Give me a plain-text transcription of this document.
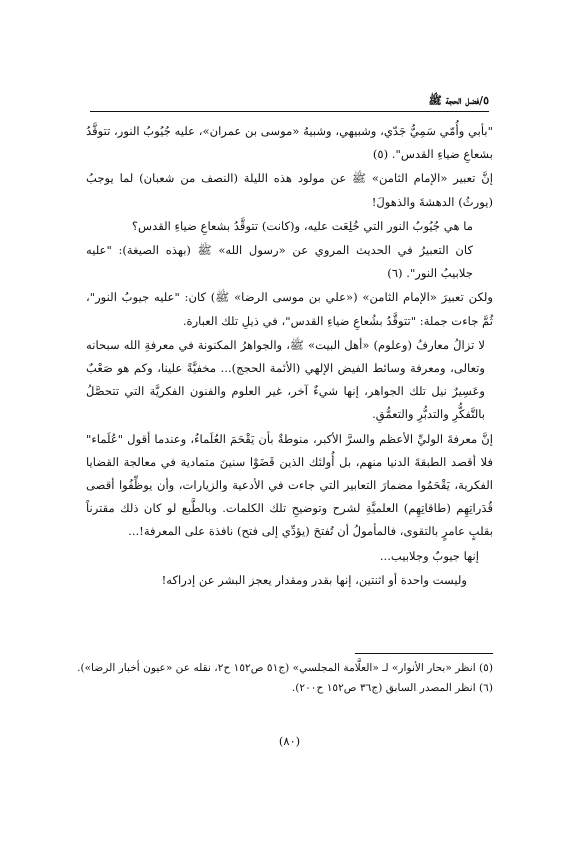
٥/فضل الحجة ﷺ

"بأبي وأُمّي سَمِيُّ جَدّي، وشبيهي، وشبيهُ «موسى بن عمران»، عليه جُيُوبُ النور، تتوقَّدُ بشعاعِ ضياءِ القدس". (٥)

إنَّ تعبير «الإمام الثامن» ﷺ عن مولود هذه الليلة (النصف من شعبان) لما يوجبُ (يورثُ) الدهشةَ والذهولَ!

ما هي جُيُوبُ النور التي خُلِعَت عليه، و(كانت) تتوقَّدُ بشعاعِ ضياءِ القدس؟

كان التعبيرُ في الحديث المروي عن «رسول الله» ﷺ (بهذه الصيغة): "عليه جلابيبُ النور". (٦)

ولكن تعبيرَ «الإمام الثامن» («علي بن موسى الرضا» ﷺ) كان: "عليه جيوبُ النور"، ثُمَّ جاءت جملة: "تتوقَّدُ بشُعاعِ ضياءِ القدس"، في ذيلِ تلك العبارة.

لا تزالُ معارفُ (وعلوم) «أهل البيت» ﷺ، والجواهرُ المكنونة في معرفةِ الله سبحانه وتعالى، ومعرفة وسائط الفيض الإلهي (الأئمة الحجج)... مخفيَّةً علينا، وكم هو صَعْبٌ وعَسِيرٌ نيل تلك الجواهر، إنها شيءٌ آخر، غير العلوم والفنون الفكريَّة التي تتحصَّلُ بالتَّفكُّرِ والتدبُّرِ والتعمُّقِ.

إنَّ معرفةَ الوليِّ الأعظم والسرَّ الأكبر، منوطةٌ بأن يَقْحَمَ العُلَماءُ، وعندما أقول "عُلَماء" فلا أقصد الطبقةَ الدنيا منهم، بل أُولئك الذين قَضَوْا سنينَ متمادية في معالجة القضايا الفكرية، يَقْحَمُوا مضمارَ التعابير التي جاءت في الأدعية والزيارات، وأن يوظِّفُوا أقصى قُدَراتِهِم (طاقاتِهِم) العلميَّةِ لشرح وتوضيحِ تلك الكلمات. وبالطَّبع لو كان ذلك مقترناً بقلبٍ عامرٍ بالتقوى، فالمأمولُ أن تُفتحَ (يؤدِّي إلى فتح) نافذة على المعرفة!...

إنها جيوبٌ وجلابيب...

وليست واحدة أو اثنتين، إنها بقدر ومقدار يعجز البشر عن إدراكه!

(٥) انظر «بحار الأنوار» لـ «العلَّامة المجلسي» (ج٥١ ص١٥٢ ح٢، نقله عن «عيون أخبار الرضا»).

(٦) انظر المصدر السابق (ج٣٦ ص١٥٢ ح٢٠٠).

(٨٠)
